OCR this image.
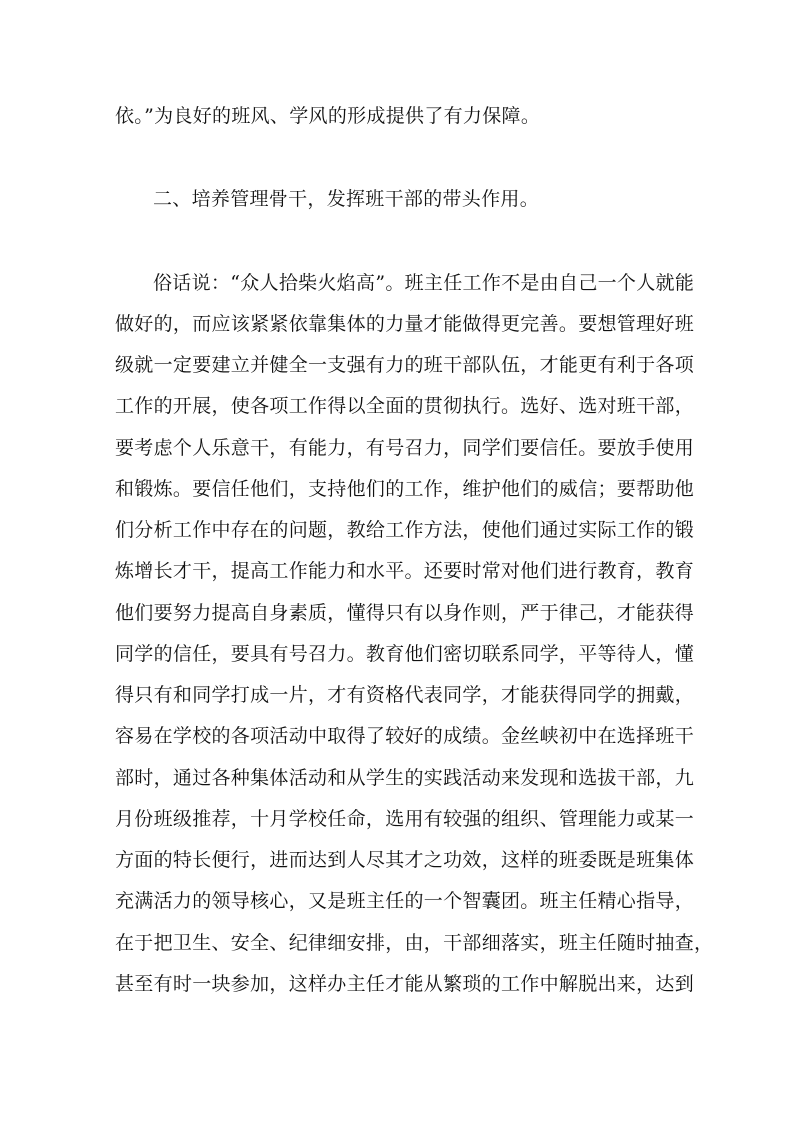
依。”为良好的班风、学风的形成提供了有力保障。
二、培养管理骨干，发挥班干部的带头作用。
俗话说：“众人拾柴火焰高”。班主任工作不是由自己一个人就能
做好的，而应该紧紧依靠集体的力量才能做得更完善。要想管理好班
级就一定要建立并健全一支强有力的班干部队伍，才能更有利于各项
工作的开展，使各项工作得以全面的贯彻执行。选好、选对班干部，
要考虑个人乐意干，有能力，有号召力，同学们要信任。要放手使用
和锻炼。要信任他们，支持他们的工作，维护他们的威信；要帮助他
们分析工作中存在的问题，教给工作方法，使他们通过实际工作的锻
炼增长才干，提高工作能力和水平。还要时常对他们进行教育，教育
他们要努力提高自身素质，懂得只有以身作则，严于律己，才能获得
同学的信任，要具有号召力。教育他们密切联系同学，平等待人，懂
得只有和同学打成一片，才有资格代表同学，才能获得同学的拥戴，
容易在学校的各项活动中取得了较好的成绩。金丝峡初中在选择班干
部时，通过各种集体活动和从学生的实践活动来发现和选拔干部，九
月份班级推荐，十月学校任命，选用有较强的组织、管理能力或某一
方面的特长便行，进而达到人尽其才之功效，这样的班委既是班集体
充满活力的领导核心，又是班主任的一个智囊团。班主任精心指导，
在于把卫生、安全、纪律细安排，由，干部细落实，班主任随时抽查，
甚至有时一块参加，这样办主任才能从繁琐的工作中解脱出来，达到
